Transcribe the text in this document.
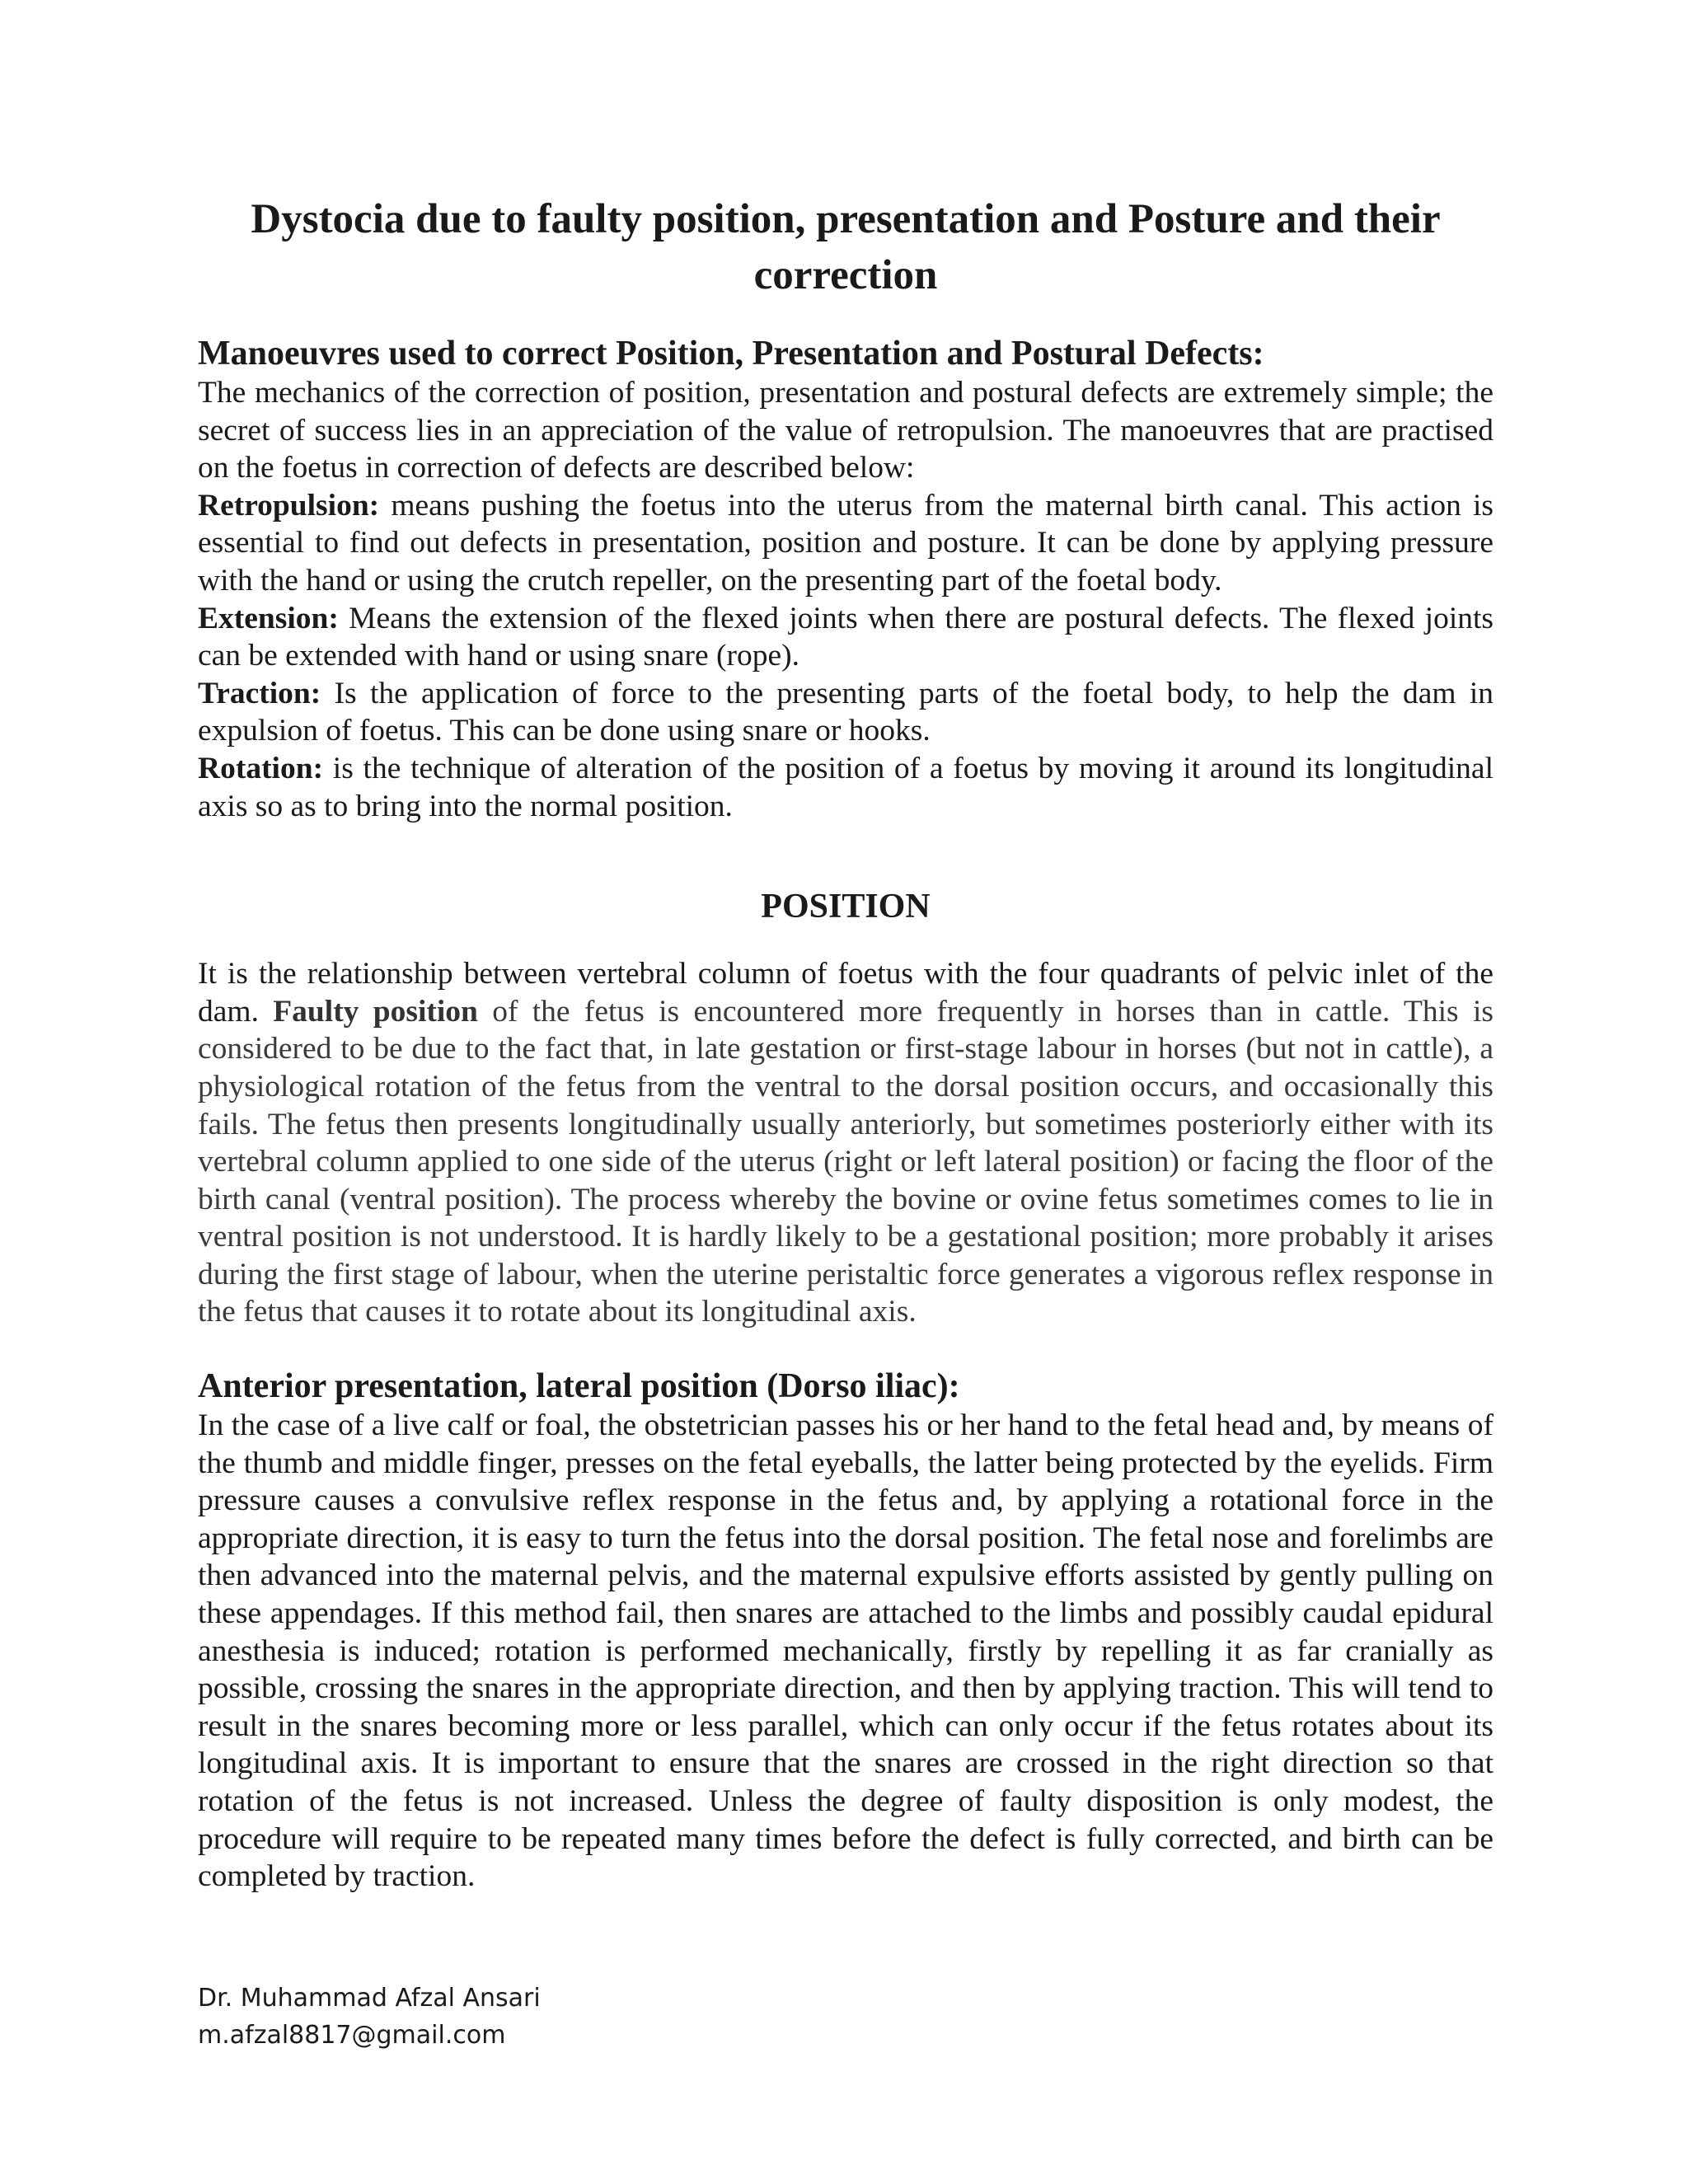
Dystocia due to faulty position, presentation and Posture and their correction
Manoeuvres used to correct Position, Presentation and Postural Defects:

The mechanics of the correction of position, presentation and postural defects are extremely simple; the secret of success lies in an appreciation of the value of retropulsion. The manoeuvres that are practised on the foetus in correction of defects are described below:

Retropulsion: means pushing the foetus into the uterus from the maternal birth canal. This action is essential to find out defects in presentation, position and posture. It can be done by applying pressure with the hand or using the crutch repeller, on the presenting part of the foetal body.

Extension: Means the extension of the flexed joints when there are postural defects. The flexed joints can be extended with hand or using snare (rope).

Traction: Is the application of force to the presenting parts of the foetal body, to help the dam in expulsion of foetus. This can be done using snare or hooks.

Rotation: is the technique of alteration of the position of a foetus by moving it around its longitudinal axis so as to bring into the normal position.

POSITION

It is the relationship between vertebral column of foetus with the four quadrants of pelvic inlet of the dam. Faulty position of the fetus is encountered more frequently in horses than in cattle. This is considered to be due to the fact that, in late gestation or first-stage labour in horses (but not in cattle), a physiological rotation of the fetus from the ventral to the dorsal position occurs, and occasionally this fails. The fetus then presents longitudinally usually anteriorly, but sometimes posteriorly either with its vertebral column applied to one side of the uterus (right or left lateral position) or facing the floor of the birth canal (ventral position). The process whereby the bovine or ovine fetus sometimes comes to lie in ventral position is not understood. It is hardly likely to be a gestational position; more probably it arises during the first stage of labour, when the uterine peristaltic force generates a vigorous reflex response in the fetus that causes it to rotate about its longitudinal axis.

Anterior presentation, lateral position (Dorso iliac):

In the case of a live calf or foal, the obstetrician passes his or her hand to the fetal head and, by means of the thumb and middle finger, presses on the fetal eyeballs, the latter being protected by the eyelids. Firm pressure causes a convulsive reflex response in the fetus and, by applying a rotational force in the appropriate direction, it is easy to turn the fetus into the dorsal position. The fetal nose and forelimbs are then advanced into the maternal pelvis, and the maternal expulsive efforts assisted by gently pulling on these appendages. If this method fail, then snares are attached to the limbs and possibly caudal epidural anesthesia is induced; rotation is performed mechanically, firstly by repelling it as far cranially as possible, crossing the snares in the appropriate direction, and then by applying traction. This will tend to result in the snares becoming more or less parallel, which can only occur if the fetus rotates about its longitudinal axis. It is important to ensure that the snares are crossed in the right direction so that rotation of the fetus is not increased. Unless the degree of faulty disposition is only modest, the procedure will require to be repeated many times before the defect is fully corrected, and birth can be completed by traction.

Dr. Muhammad Afzal Ansari
m.afzal8817@gmail.com
